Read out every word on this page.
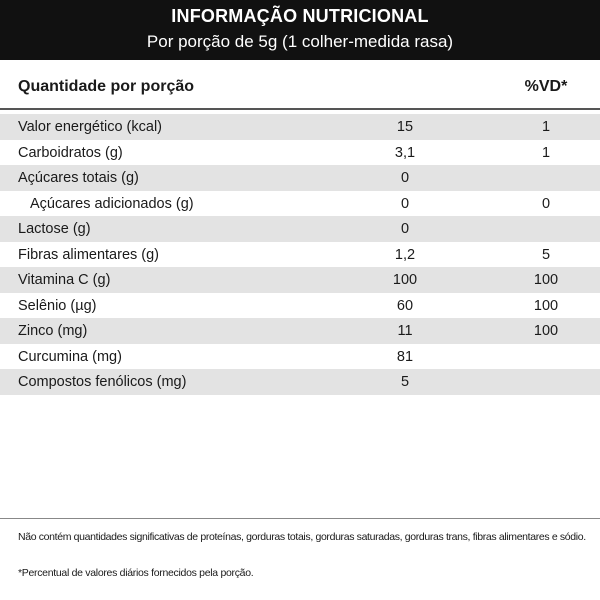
INFORMAÇÃO NUTRICIONAL
Por porção de 5g (1 colher-medida rasa)
Quantidade por porção	%VD*
Valor energético (kcal)	15	1
Carboidratos (g)	3,1	1
Açúcares totais (g)	0
Açúcares adicionados (g)	0	0
Lactose (g)	0
Fibras alimentares (g)	1,2	5
Vitamina C (g)	100	100
Selênio (µg)	60	100
Zinco (mg)	11	100
Curcumina (mg)	81
Compostos fenólicos (mg)	5
Não contém quantidades significativas de proteínas, gorduras totais, gorduras saturadas, gorduras trans, fibras alimentares e sódio.
*Percentual de valores diários fornecidos pela porção.
